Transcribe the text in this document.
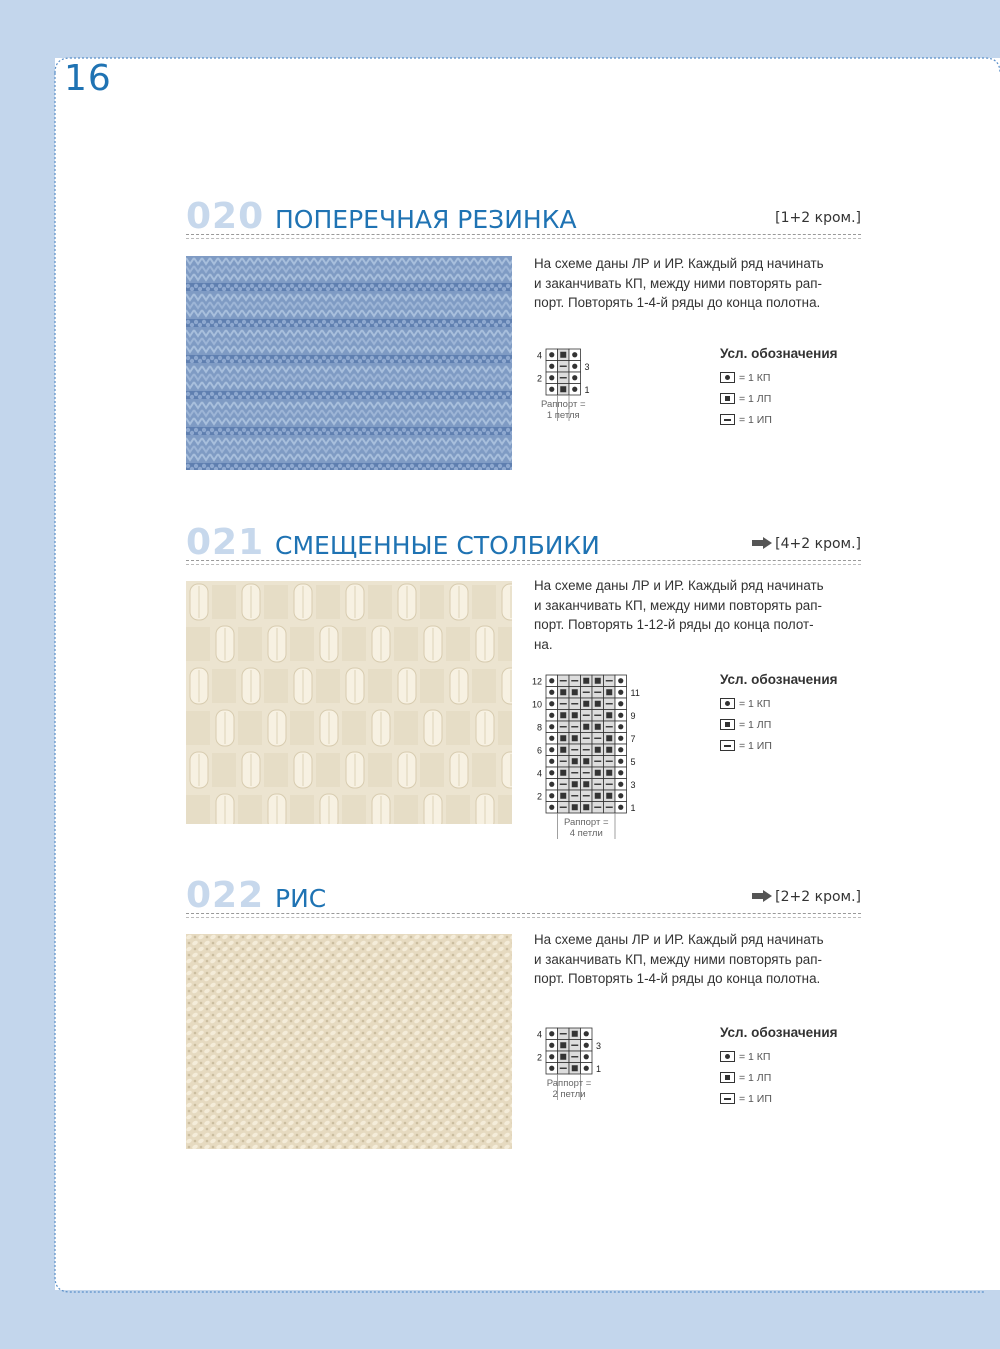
16
020 ПОПЕРЕЧНАЯ РЕЗИНКА	[1+2 кром.]
На схеме даны ЛР и ИР. Каждый ряд начинать
и заканчивать КП, между ними повторять рап-
порт. Повторять 1-4-й ряды до конца полотна.
4
3
2
1
Раппорт =
1 петля
Усл. обозначения
= 1 КП
= 1 ЛП
= 1 ИП
021 СМЕЩЕННЫЕ СТОЛБИКИ	[4+2 кром.]
На схеме даны ЛР и ИР. Каждый ряд начинать
и заканчивать КП, между ними повторять рап-
порт. Повторять 1-12-й ряды до конца полот-
на.
12
11
10
9
8
7
6
5
4
3
2
1
Раппорт =
4 петли
Усл. обозначения
= 1 КП
= 1 ЛП
= 1 ИП
022 РИС	[2+2 кром.]
На схеме даны ЛР и ИР. Каждый ряд начинать
и заканчивать КП, между ними повторять рап-
порт. Повторять 1-4-й ряды до конца полотна.
4
3
2
1
Раппорт =
2 петли
Усл. обозначения
= 1 КП
= 1 ЛП
= 1 ИП
